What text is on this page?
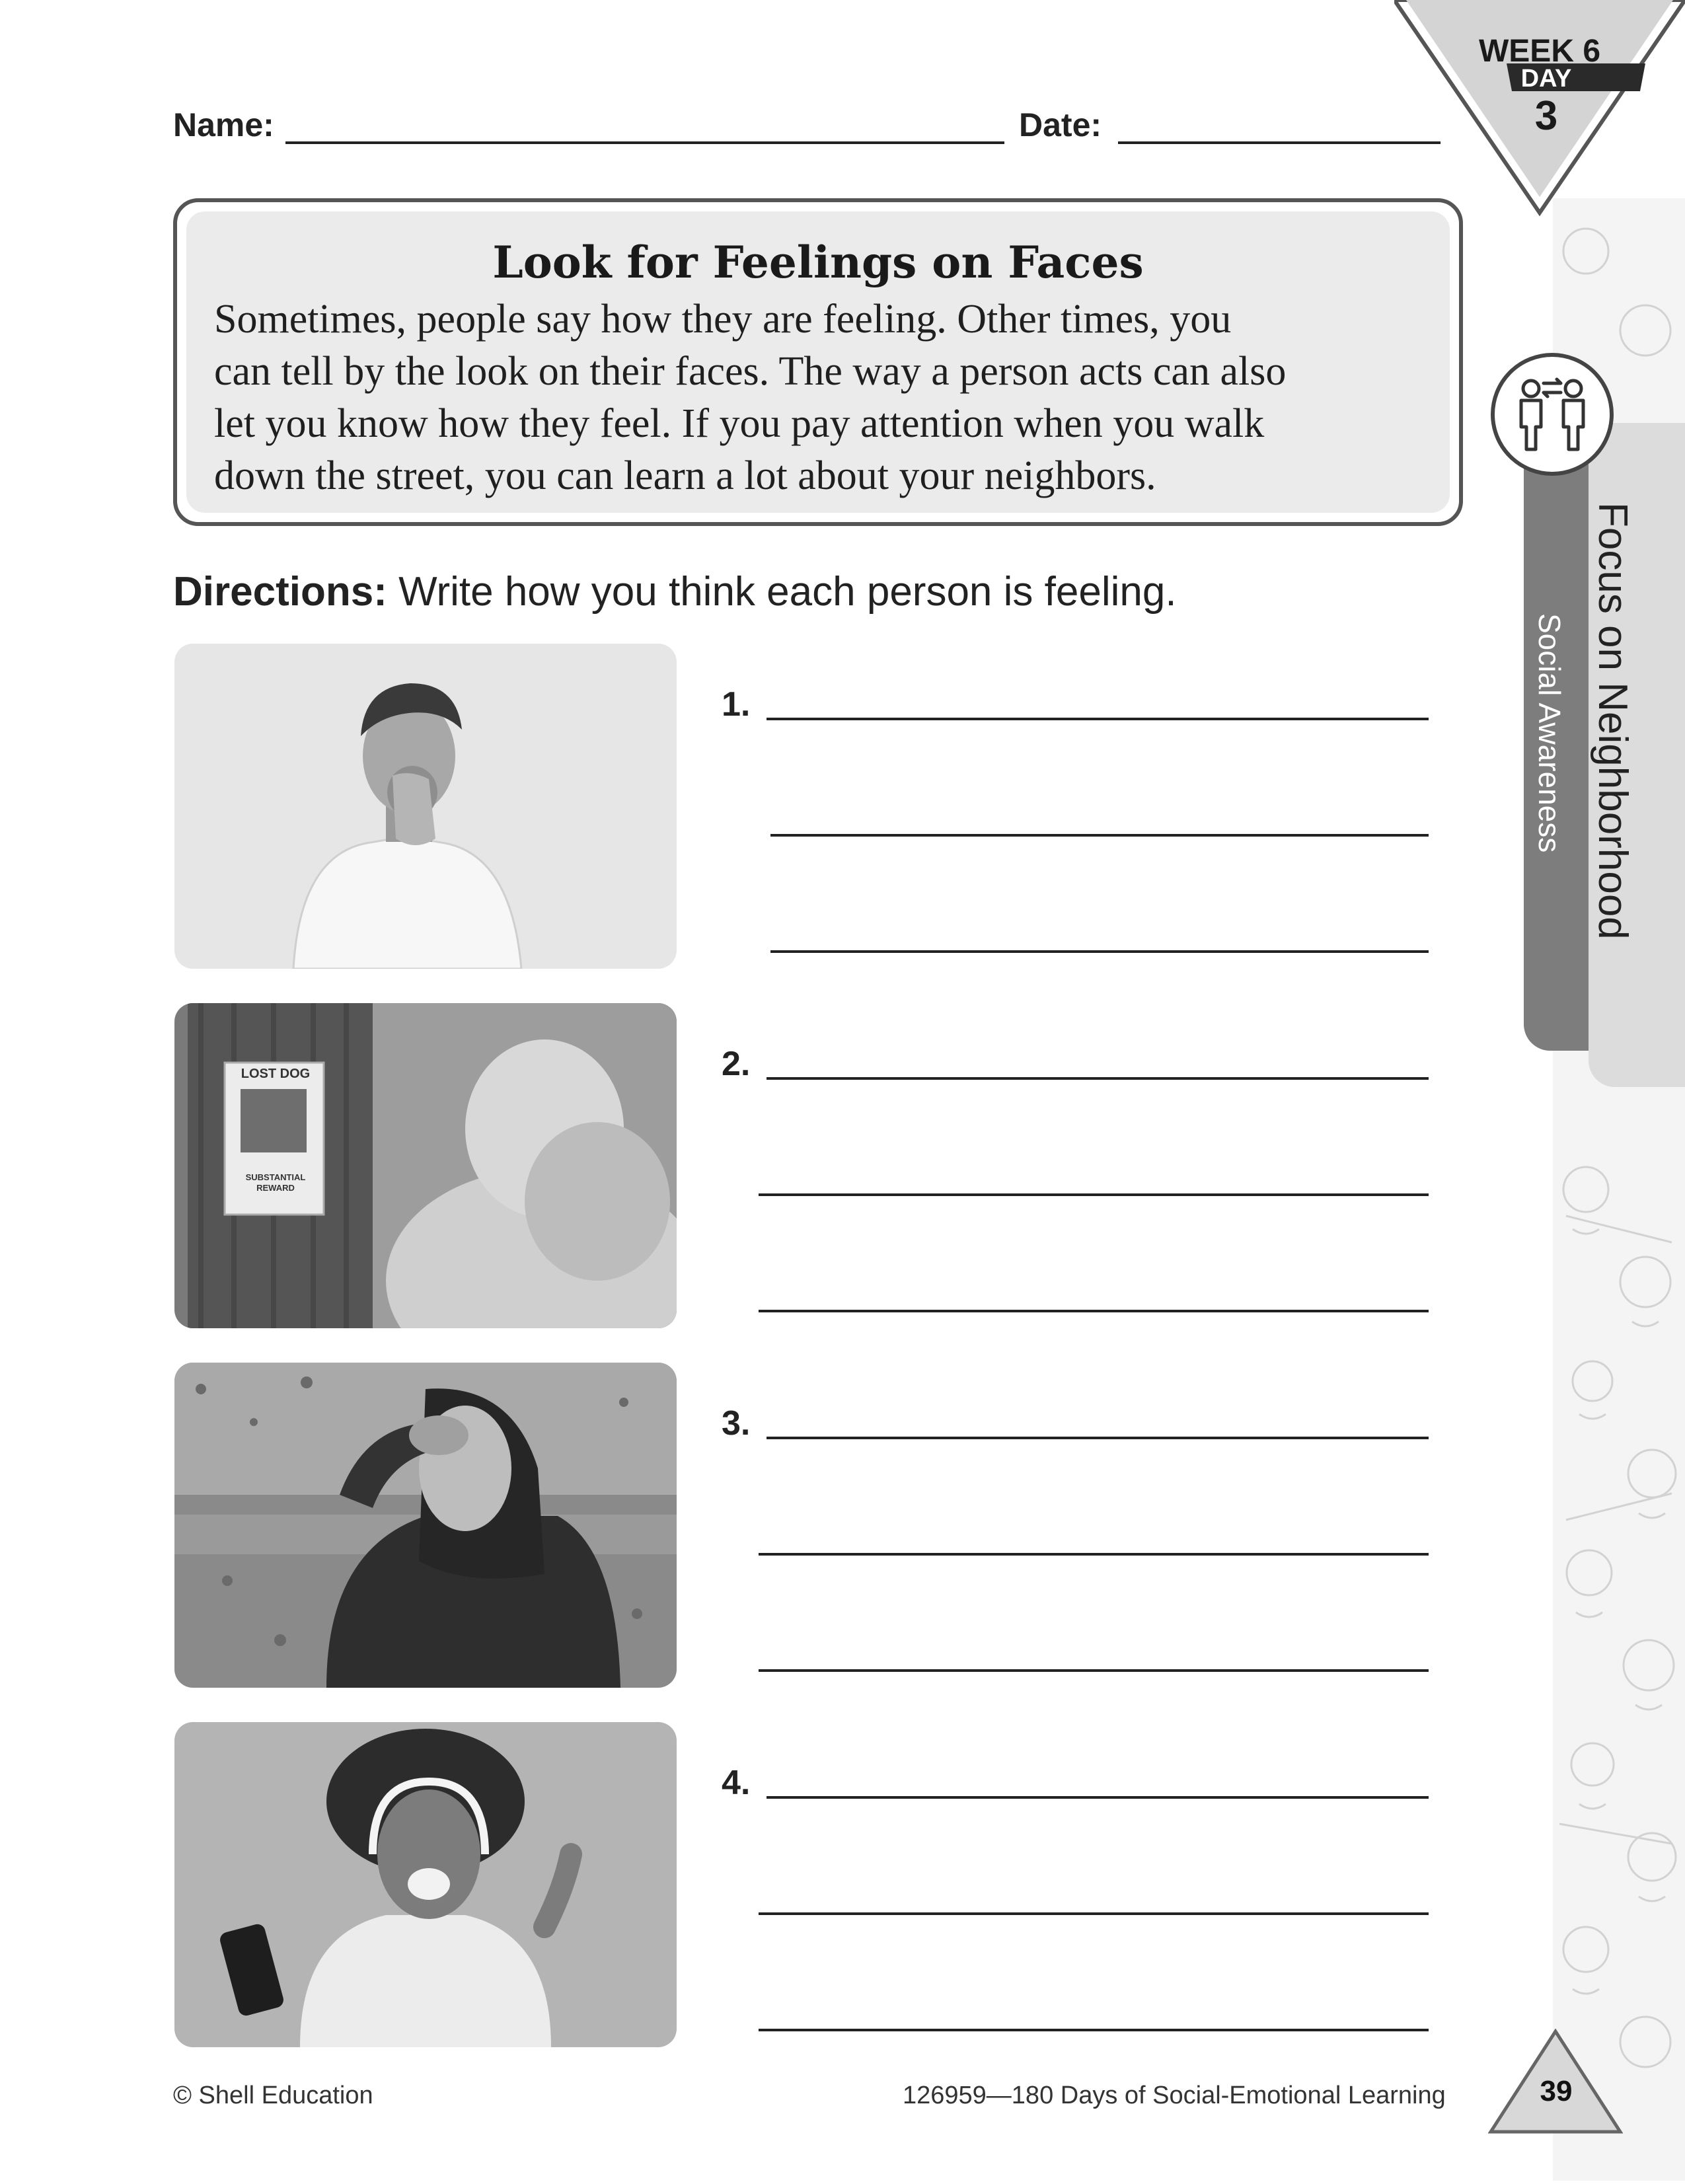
WEEK 6
DAY
3
Name:	Date:
Look for Feelings on Faces
Sometimes, people say how they are feeling. Other times, you
can tell by the look on their faces. The way a person acts can also
let you know how they feel. If you pay attention when you walk
down the street, you can learn a lot about your neighbors.
Directions: Write how you think each person is feeling.
LOST DOG
SUBSTANTIAL REWARD
1.
2.
3.
4.
Focus on Neighborhood
Social Awareness
© Shell Education	126959—180 Days of Social-Emotional Learning	39
